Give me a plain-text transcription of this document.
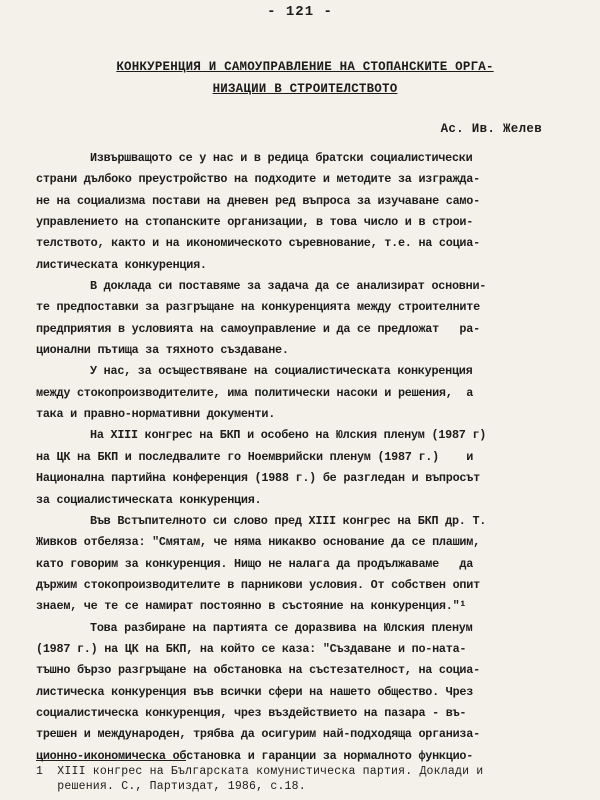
- 121 -
КОНКУРЕНЦИЯ И САМОУПРАВЛЕНИЕ НА СТОПАНСКИТЕ ОРГА-
НИЗАЦИИ В СТРОИТЕЛСТВОТО
Ас. Ив. Желев
Извършващото се у нас и в редица братски социалистически
страни дълбоко преустройство на подходите и методите за изгражда-
не на социализма постави на дневен ред въпроса за изучаване само-
управлението на стопанските организации, в това число и в строи-
телството, както и на икономическото съревнование, т.е. на социа-
листическата конкуренция.
В доклада си поставяме за задача да се анализират основни-
те предпоставки за разгръщане на конкуренцията между строителните
предприятия в условията на самоуправление и да се предложат   ра-
ционални пътища за тяхното създаване.
У нас, за осъществяване на социалистическата конкуренция
между стокопроизводителите, има политически насоки и решения,  а
така и правно-нормативни документи.
На XIII конгрес на БКП и особено на Юлския пленум (1987 г)
на ЦК на БКП и последвалите го Ноемврийски пленум (1987 г.)    и
Национална партийна конференция (1988 г.) бе разгледан и въпросът
за социалистическата конкуренция.
Във Встъпителното си слово пред XIII конгрес на БКП др. Т.
Живков отбеляза: "Смятам, че няма никакво основание да се плашим,
като говорим за конкуренция. Нищо не налага да продължаваме   да
държим стокопроизводителите в парникови условия. От собствен опит
знаем, че те се намират постоянно в състояние на конкуренция."¹
Това разбиране на партията се доразвива на Юлския пленум
(1987 г.) на ЦК на БКП, на който се каза: "Създаване и по-ната-
тъшно бързо разгръщане на обстановка на състезателност, на социа-
листическа конкуренция във всички сфери на нашето общество. Чрез
социалистическа конкуренция, чрез въздействието на пазара - въ-
трешен и международен, трябва да осигурим най-подходяща организа-
ционно-икономическа обстановка и гаранции за нормалното функцио-
1  XIII конгрес на Българската комунистическа партия. Доклади и
решения. С., Партиздат, 1986, с.18.
